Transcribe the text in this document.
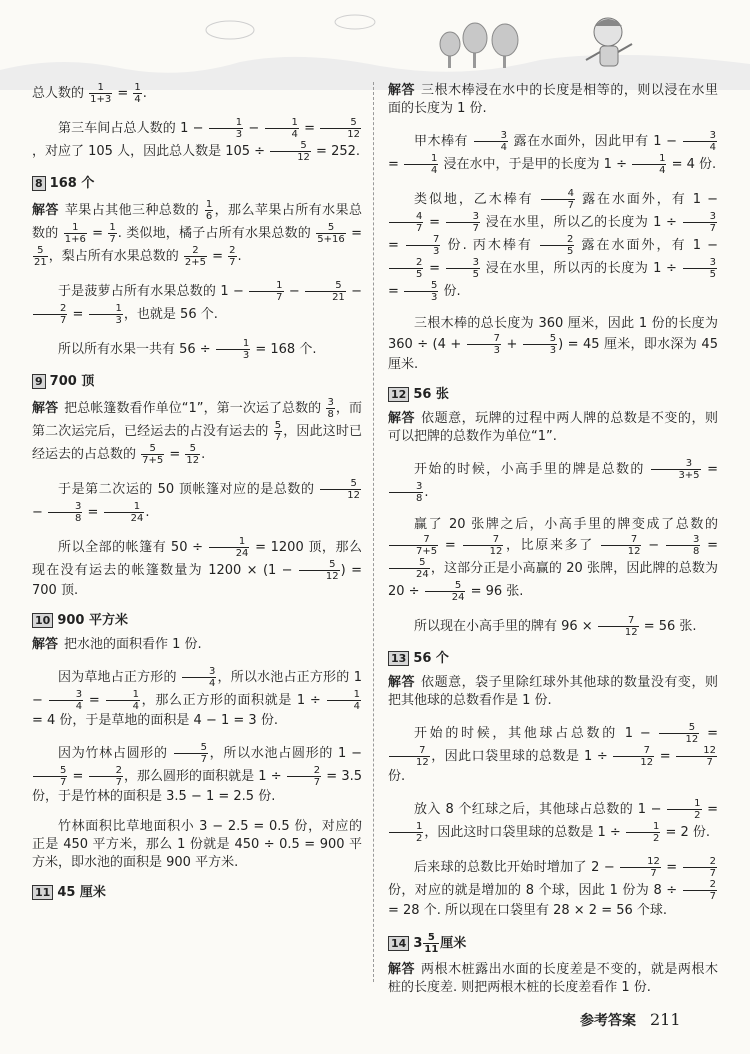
总人数的 $\frac{1}{1+3} = \frac{1}{4}$ .
第三车间占总人数的 $1 - \frac{1}{3} - \frac{1}{4} = \frac{5}{12}$
，对应了 105 人，因此总人数是 $105 \div \frac{5}{12} = 252$.
8 168 个
解答 苹果占其他三种总数的 $\frac{1}{6}$ ，那么苹果占所有水果总数的 $\frac{1}{1+6} = \frac{1}{7}$ . 类似地，橘子占所有水果总数的 $\frac{5}{5+16}$ =
$\frac{5}{21}$ ，梨占所有水果总数的 $\frac{2}{2+5} = \frac{2}{7}$ .
于是菠萝占所有水果总数的 $1 - \frac{1}{7} - \frac{5}{21}$ −
$\frac{2}{7} = \frac{1}{3}$ ，也就是 56 个.
所以所有水果一共有 $56 \div \frac{1}{3} = 168$ 个.
9 700 顶
解答 把总帐篷数看作单位“1”，第一次运了总数的 $\frac{3}{8}$ ，而第二次运完后，已经运去的占没有运去的 $\frac{5}{7}$ ，因此这时已经运去的占总数的 $\frac{5}{7+5} = \frac{5}{12}$ .
于是第二次运的 50 顶帐篷对应的是总数的 $\frac{5}{12}$
− $\frac{3}{8} = \frac{1}{24}$ .
所以全部的帐篷有 $50 \div \frac{1}{24} = 1200$ 顶，那么现在没有运去的帐篷数量为 $1200 \times (1 - \frac{5}{12}$ ) = 700 顶.
10 900 平方米
解答 把水池的面积看作 1 份.
因为草地占正方形的 $\frac{3}{4}$ ，所以水池占正方形的 $1 - \frac{3}{4} = \frac{1}{4}$ ，那么正方形的面积就是 $1 \div \frac{1}{4}$
= 4 份，于是草地的面积是 4 − 1 = 3 份.
因为竹林占圆形的 $\frac{5}{7}$ ，所以水池占圆形的 1 −
$\frac{5}{7} = \frac{2}{7}$ ，那么圆形的面积就是 $1 \div \frac{2}{7} = 3.5$ 份，于是竹林的面积是 3.5 − 1 = 2.5 份.
竹林面积比草地面积小 3 − 2.5 = 0.5 份，对应的正是 450 平方米，那么 1 份就是 450 ÷ 0.5 = 900 平方米，即水池的面积是 900 平方米.
11 45 厘米
解答 三根木棒浸在水中的长度是相等的，则以浸在水里面的长度为 1 份.
甲木棒有 $\frac{3}{4}$ 露在水面外，因此甲有 $1 - \frac{3}{4}$
= $\frac{1}{4}$ 浸在水中，于是甲的长度为 $1 \div \frac{1}{4} = 4$ 份.
类似地，乙木棒有 $\frac{4}{7}$ 露在水面外，有 1 −
$\frac{4}{7} = \frac{3}{7}$ 浸在水里，所以乙的长度为 $1 \div \frac{3}{7}$
= $\frac{7}{3}$ 份. 丙木棒有 $\frac{2}{5}$ 露在水面外，有 1 −
$\frac{2}{5} = \frac{3}{5}$ 浸在水里，所以丙的长度为 $1 \div \frac{3}{5}$
= $\frac{5}{3}$ 份.
三根木棒的总长度为 360 厘米，因此 1 份的长度为 $360 \div (4 + \frac{7}{3} + \frac{5}{3}$ ) = 45 厘米，即水深为 45 厘米.
12 56 张
解答 依题意，玩牌的过程中两人牌的总数是不变的，则可以把牌的总数作为单位“1”.
开始的时候，小高手里的牌是总数的 $\frac{3}{3+5}$ =
$\frac{3}{8}$ .
赢了 20 张牌之后，小高手里的牌变成了总数的
$\frac{7}{7+5} = \frac{7}{12}$ ，比原来多了 $\frac{7}{12} - \frac{3}{8}$ =
$\frac{5}{24}$ ，这部分正是小高赢的 20 张牌，因此牌的总数为 $20 \div \frac{5}{24} = 96$ 张.
所以现在小高手里的牌有 $96 \times \frac{7}{12} = 56$ 张.
13 56 个
解答 依题意，袋子里除红球外其他球的数量没有变，则把其他球的总数看作是 1 份.
开始的时候，其他球占总数的 $1 - \frac{5}{12}$ =
$\frac{7}{12}$ ，因此口袋里球的总数是 $1 \div \frac{7}{12} = \frac{12}{7}$
份.
放入 8 个红球之后，其他球占总数的 $1 - \frac{1}{2}$ =
$\frac{1}{2}$ ，因此这时口袋里球的总数是 $1 \div \frac{1}{2} = 2$ 份.
后来球的总数比开始时增加了 $2 - \frac{12}{7} = \frac{2}{7}$
份，对应的就是增加的 8 个球，因此 1 份为 $8 \div \frac{2}{7}$
= 28 个. 所以现在口袋里有 28 × 2 = 56 个球.
14 $3 \frac{5}{11}$ 厘米
解答 两根木桩露出水面的长度差是不变的，就是两根木桩的长度差. 则把两根木桩的长度差看作 1 份.
参考答案 211
